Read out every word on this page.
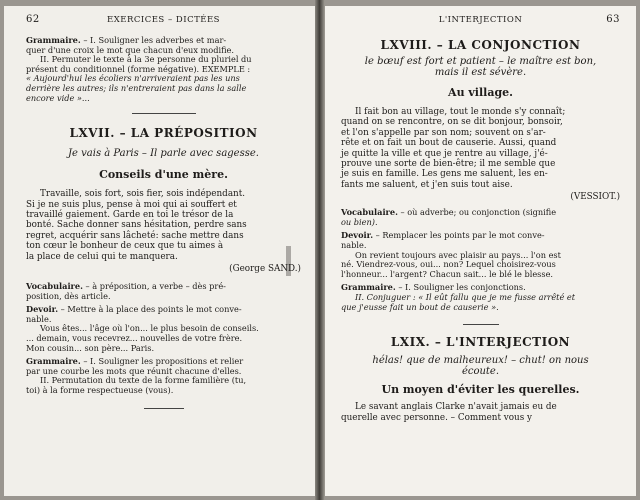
62	EXERCICES – DICTÉES

Grammaire. – I. Souligner les adverbes et mar-

quer d'une croix le mot que chacun d'eux modifie.

II. Permuter le texte à la 3e personne du pluriel du

présent du conditionnel (forme négative). EXEMPLE :

« Aujourd'hui les écoliers n'arriveraient pas les uns

derrière les autres; ils n'entreraient pas dans la salle

encore vide »...

LXVII. – LA PRÉPOSITION

Je vais à Paris – Il parle avec sagesse.

Conseils d'une mère.

Travaille, sois fort, sois fier, sois indépendant.

Si je ne suis plus, pense à moi qui ai souffert et

travaillé gaiement. Garde en toi le trésor de la

bonté. Sache donner sans hésitation, perdre sans

regret, acquérir sans lâcheté: sache mettre dans

ton cœur le bonheur de ceux que tu aimes à

la place de celui qui te manquera.

(George SAND.)

Vocabulaire. – à préposition, a verbe – dès pré-

position, dès article.

Devoir. – Mettre à la place des points le mot conve-

nable.

Vous êtes... l'âge où l'on... le plus besoin de conseils.

... demain, vous recevrez... nouvelles de votre frère.

Mon cousin... son père... Paris.

Grammaire. – I. Souligner les propositions et relier

par une courbe les mots que réunit chacune d'elles.

II. Permutation du texte de la forme familière (tu,

toi) à la forme respectueuse (vous).

L'INTERJECTION	63

LXVIII. – LA CONJONCTION

le bœuf est fort et patient – le maître est bon,

mais il est sévère.

Au village.

Il fait bon au village, tout le monde s'y connaît;

quand on se rencontre, on se dit bonjour, bonsoir,

et l'on s'appelle par son nom; souvent on s'ar-

rête et on fait un bout de causerie. Aussi, quand

je quitte la ville et que je rentre au village, j'é-

prouve une sorte de bien-être; il me semble que

je suis en famille. Les gens me saluent, les en-

fants me saluent, et j'en suis tout aise.

(VESSIOT.)

Vocabulaire. – où adverbe; ou conjonction (signifie

ou bien).

Devoir. – Remplacer les points par le mot conve-

nable.

On revient toujours avec plaisir au pays... l'on est

né. Viendrez-vous, oui... non? Lequel choisirez-vous

l'honneur... l'argent? Chacun sait... le blé le blesse.

Grammaire. – I. Souligner les conjonctions.

II. Conjuguer : « Il eût fallu que je me fusse arrêté et

que j'eusse fait un bout de causerie ».

LXIX. – L'INTERJECTION

hélas! que de malheureux! – chut! on nous

écoute.

Un moyen d'éviter les querelles.

Le savant anglais Clarke n'avait jamais eu de

querelle avec personne. – Comment vous y
